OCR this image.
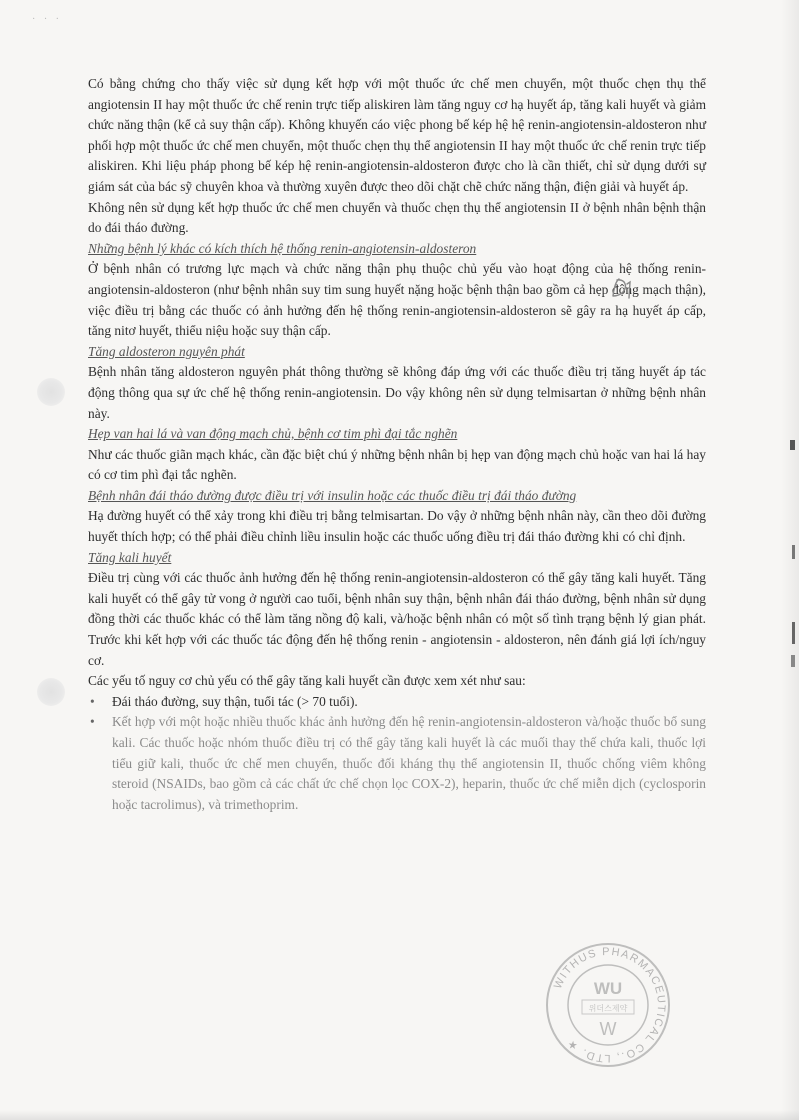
· · ·

Có bằng chứng cho thấy việc sử dụng kết hợp với một thuốc ức chế men chuyển, một thuốc chẹn thụ thể angiotensin II hay một thuốc ức chế renin trực tiếp aliskiren làm tăng nguy cơ hạ huyết áp, tăng kali huyết và giảm chức năng thận (kể cả suy thận cấp). Không khuyến cáo việc phong bế kép hệ hệ renin-angiotensin-aldosteron như phối hợp một thuốc ức chế men chuyển, một thuốc chẹn thụ thể angiotensin II hay một thuốc ức chế renin trực tiếp aliskiren. Khi liệu pháp phong bế kép hệ renin-angiotensin-aldosteron được cho là cần thiết, chỉ sử dụng dưới sự giám sát của bác sỹ chuyên khoa và thường xuyên được theo dõi chặt chẽ chức năng thận, điện giải và huyết áp.

Không nên sử dụng kết hợp thuốc ức chế men chuyển và thuốc chẹn thụ thể angiotensin II ở bệnh nhân bệnh thận do đái tháo đường.

Những bệnh lý khác có kích thích hệ thống renin-angiotensin-aldosteron

Ở bệnh nhân có trương lực mạch và chức năng thận phụ thuộc chủ yếu vào hoạt động của hệ thống renin-angiotensin-aldosteron (như bệnh nhân suy tim sung huyết nặng hoặc bệnh thận bao gồm cả hẹp động mạch thận), việc điều trị bằng các thuốc có ảnh hưởng đến hệ thống renin-angiotensin-aldosteron sẽ gây ra hạ huyết áp cấp, tăng nitơ huyết, thiểu niệu hoặc suy thận cấp.

Tăng aldosteron nguyên phát

Bệnh nhân tăng aldosteron nguyên phát thông thường sẽ không đáp ứng với các thuốc điều trị tăng huyết áp tác động thông qua sự ức chế hệ thống renin-angiotensin. Do vậy không nên sử dụng telmisartan ở những bệnh nhân này.

Hẹp van hai lá và van động mạch chủ, bệnh cơ tim phì đại tắc nghẽn

Như các thuốc giãn mạch khác, cần đặc biệt chú ý những bệnh nhân bị hẹp van động mạch chủ hoặc van hai lá hay có cơ tim phì đại tắc nghẽn.

Bệnh nhân đái tháo đường được điều trị với insulin hoặc các thuốc điều trị đái tháo đường

Hạ đường huyết có thể xảy trong khi điều trị bằng telmisartan. Do vậy ở những bệnh nhân này, cần theo dõi đường huyết thích hợp; có thể phải điều chỉnh liều insulin hoặc các thuốc uống điều trị đái tháo đường khi có chỉ định.

Tăng kali huyết

Điều trị cùng với các thuốc ảnh hưởng đến hệ thống renin-angiotensin-aldosteron có thể gây tăng kali huyết. Tăng kali huyết có thể gây tử vong ở người cao tuổi, bệnh nhân suy thận, bệnh nhân đái tháo đường, bệnh nhân sử dụng đồng thời các thuốc khác có thể làm tăng nồng độ kali, và/hoặc bệnh nhân có một số tình trạng bệnh lý gian phát. Trước khi kết hợp với các thuốc tác động đến hệ thống renin - angiotensin - aldosteron, nên đánh giá lợi ích/nguy cơ.

Các yếu tố nguy cơ chủ yếu có thể gây tăng kali huyết cần được xem xét như sau:

• Đái tháo đường, suy thận, tuổi tác (> 70 tuổi).
• Kết hợp với một hoặc nhiều thuốc khác ảnh hưởng đến hệ renin-angiotensin-aldosteron và/hoặc thuốc bổ sung kali. Các thuốc hoặc nhóm thuốc điều trị có thể gây tăng kali huyết là các muối thay thế chứa kali, thuốc lợi tiểu giữ kali, thuốc ức chế men chuyển, thuốc đối kháng thụ thể angiotensin II, thuốc chống viêm không steroid (NSAIDs, bao gồm cả các chất ức chế chọn lọc COX-2), heparin, thuốc ức chế miễn dịch (cyclosporin hoặc tacrolimus), và trimethoprim.
WITHUS PHARMACEUTICAL CO., LTD. ★
WU
위더스제약
W
